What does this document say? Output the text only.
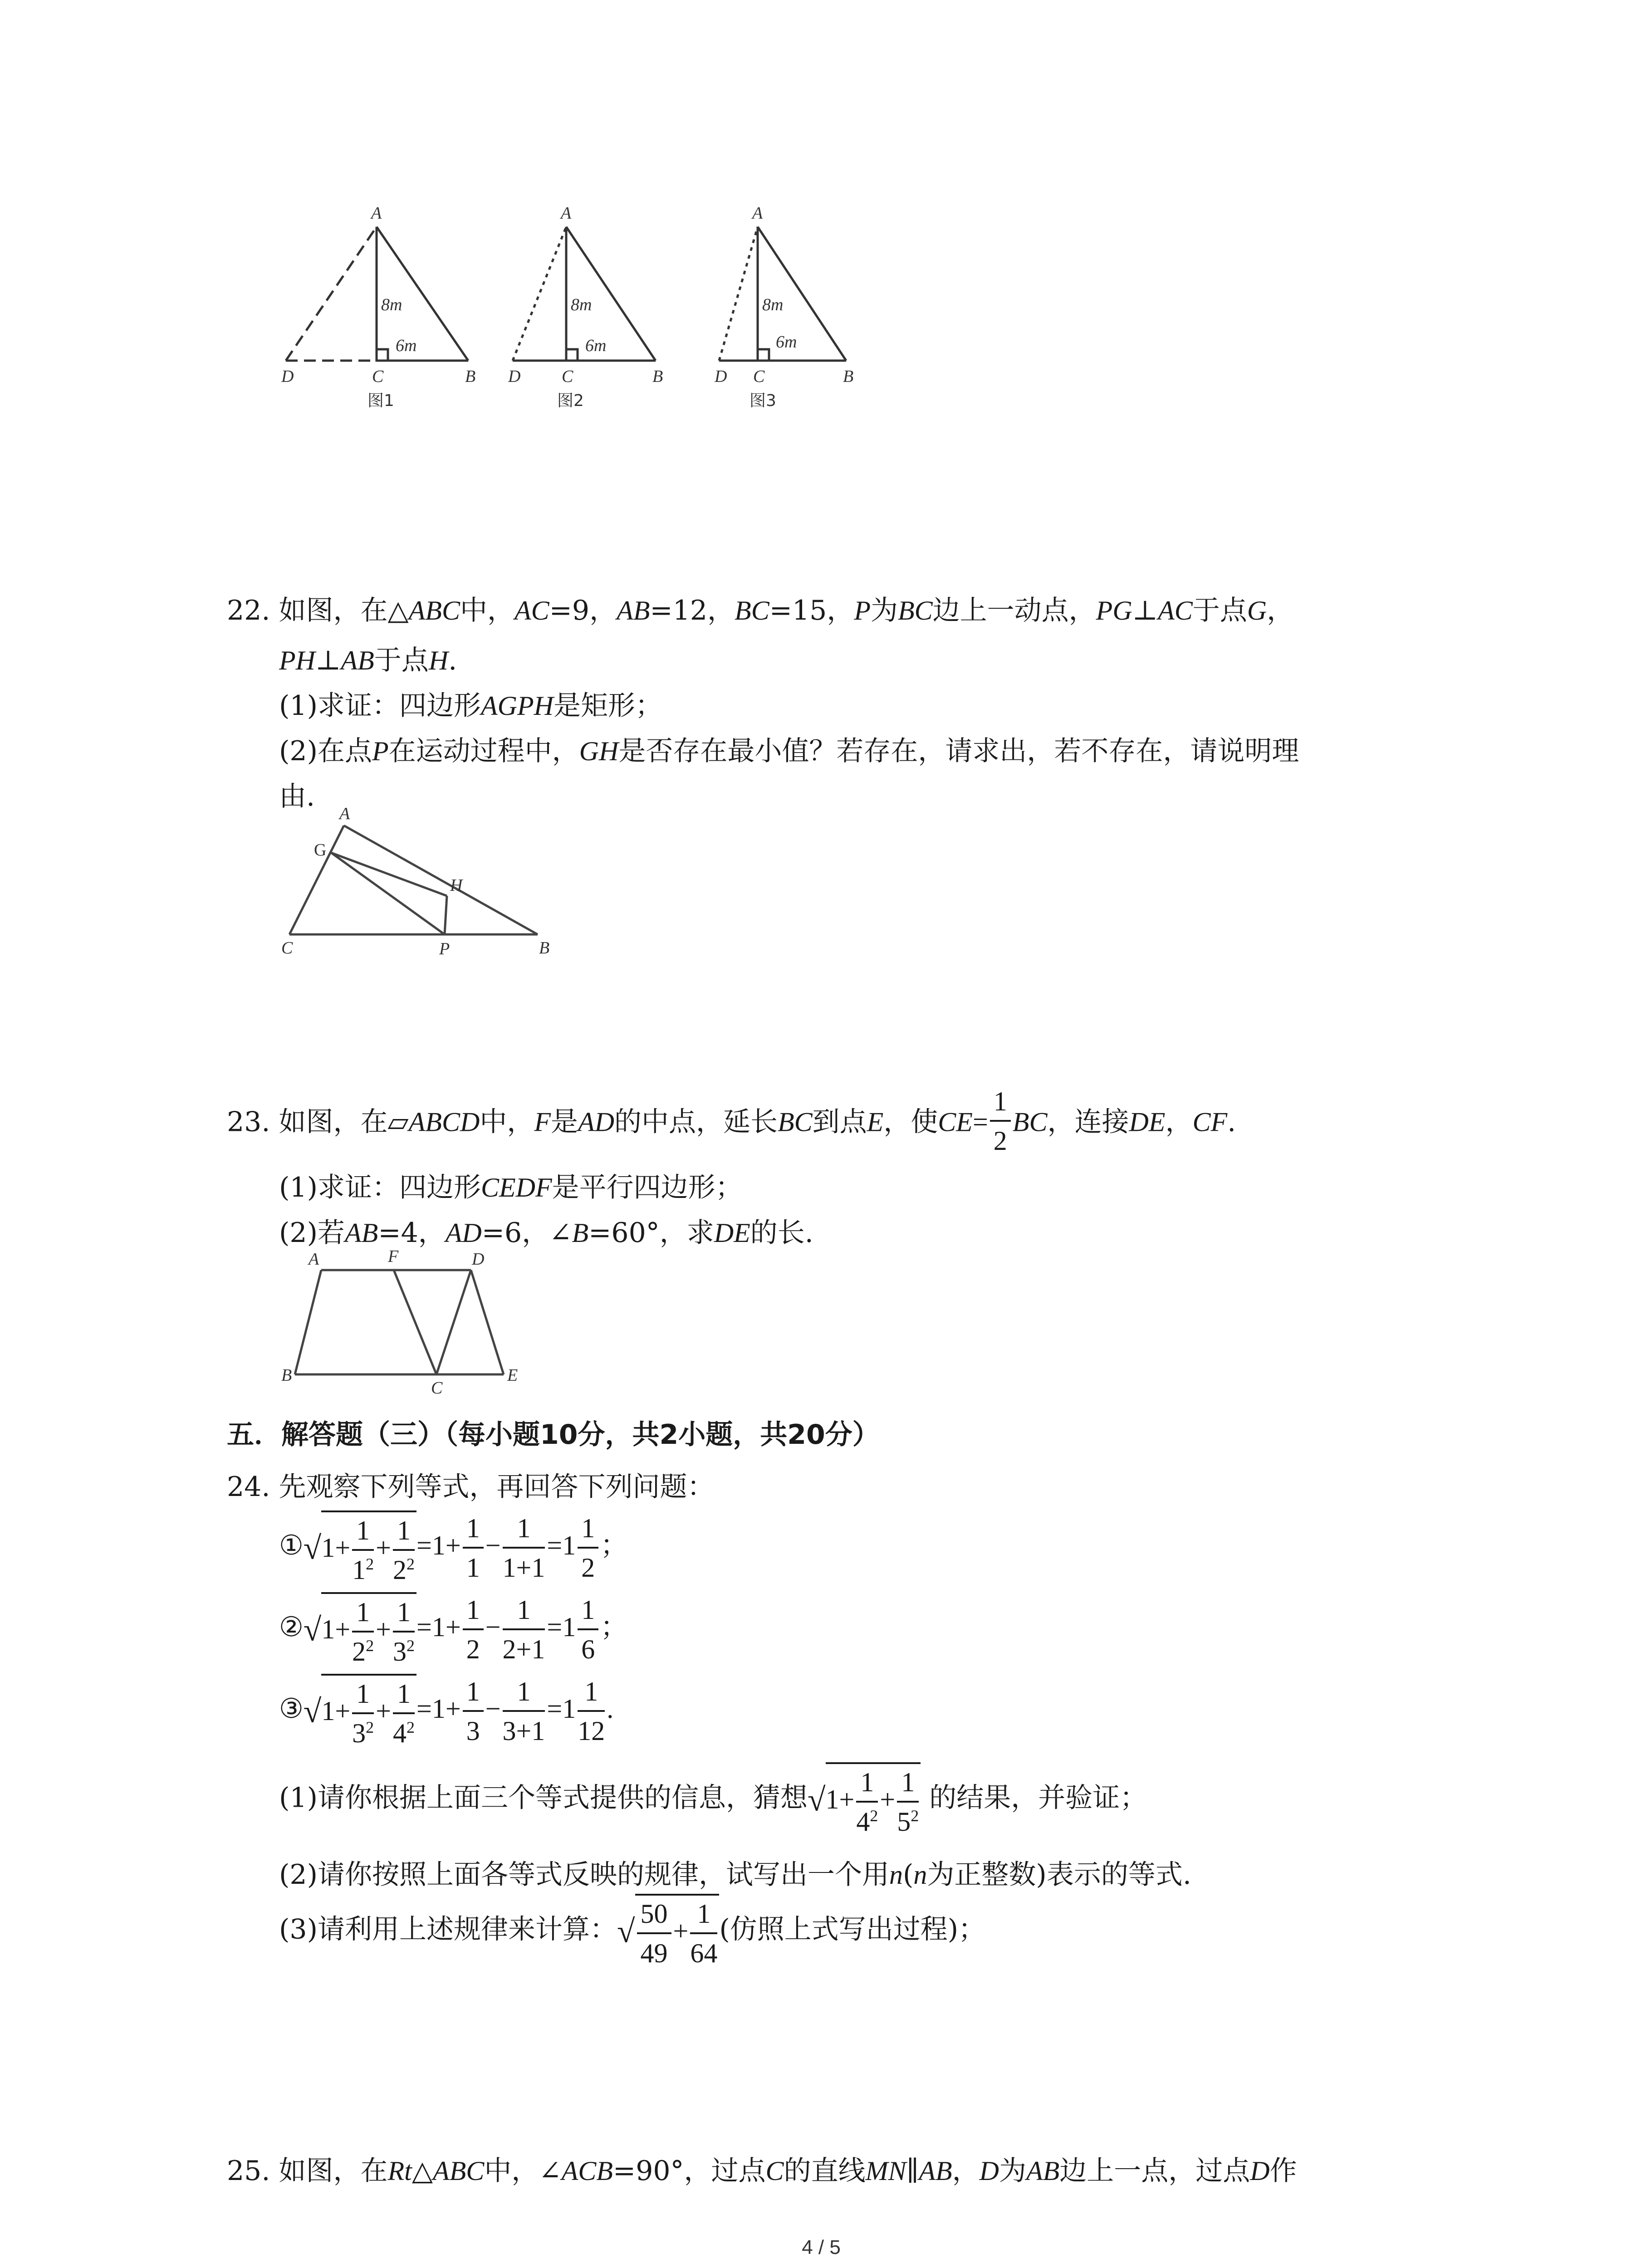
A
8m
6m
D	C	B
图1
A
8m
6m
D C	B
图2
A
8m
6m
D C	B
图3
22. 如图，在△ABC中，AC=9，AB=12，BC=15，P为BC边上一动点，PG⊥AC于点G，
PH⊥AB于点H.
(1)求证：四边形AGPH是矩形；
(2)在点P在运动过程中，GH是否存在最小值？若存在，请求出，若不存在，请说明理
由.
A
G
H
C	P	B
23. 如图，在▱ABCD中，F是AD的中点，延长BC到点E，使$CE= \frac{1}{2}$ BC，连接DE，CF.
(1)求证：四边形CEDF是平行四边形；
(2)若AB=4，AD=6，∠B=60°，求DE的长.
A	F	D
B
C
E
五．解答题（三）（每小题10分，共2小题，共20分）
24. 先观察下列等式，再回答下列问题：
①√1+ $\frac{1}{1^2} + \frac{1}{2^2} =1+ \frac{1}{1} - \frac{1}{1+1} =1 \frac{1}{2}$ ；
②√1+ $\frac{1}{2^2} + \frac{1}{3^2} =1+ \frac{1}{2} - \frac{1}{2+1} =1 \frac{1}{6}$ ；
③√1+ $\frac{1}{3^2} + \frac{1}{4^2} =1+ \frac{1}{3} - \frac{1}{3+1} =1 \frac{1}{12}$ .
(1)请你根据上面三个等式提供的信息，猜想$√1+ \frac{1}{4^2} + \frac{1}{5^2}$ 的结果，并验证；
(2)请你按照上面各等式反映的规律，试写出一个用n(n为正整数)表示的等式.
(3)请利用上述规律来计算：√ $\frac{50}{49} + \frac{1}{64}$ (仿照上式写出过程)；
25. 如图，在Rt△ABC中，∠ACB=90°，过点C的直线MN∥AB，D为AB边上一点，过点D作
4 / 5
